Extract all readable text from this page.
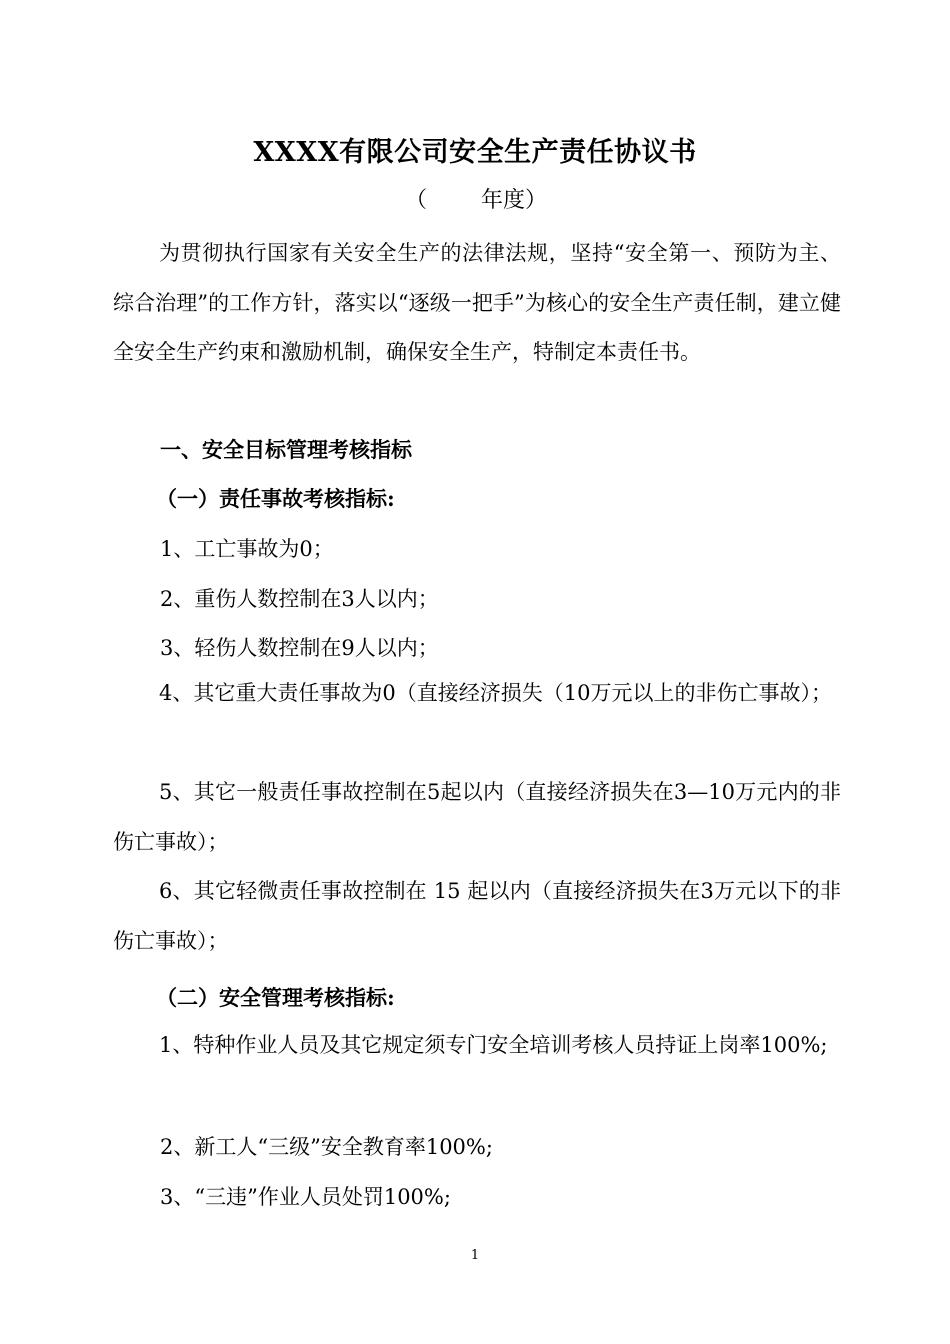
XXXX有限公司安全生产责任协议书
（ 年度）

为贯彻执行国家有关安全生产的法律法规，坚持“安全第一、预防为主、综合治理”的工作方针，落实以“逐级一把手”为核心的安全生产责任制，建立健全安全生产约束和激励机制，确保安全生产，特制定本责任书。

一、安全目标管理考核指标
（一）责任事故考核指标:
1、工亡事故为0；
2、重伤人数控制在3人以内；
3、轻伤人数控制在9人以内；

4、其它重大责任事故为0（直接经济损失（10万元以上的非伤亡事故）；

5、其它一般责任事故控制在5起以内（直接经济损失在3—10万元内的非伤亡事故）；

6、其它轻微责任事故控制在 15 起以内（直接经济损失在3万元以下的非伤亡事故）；

（二）安全管理考核指标:

1、特种作业人员及其它规定须专门安全培训考核人员持证上岗率100%;

2、新工人“三级”安全教育率100%;
3、“三违”作业人员处罚100%;
1
